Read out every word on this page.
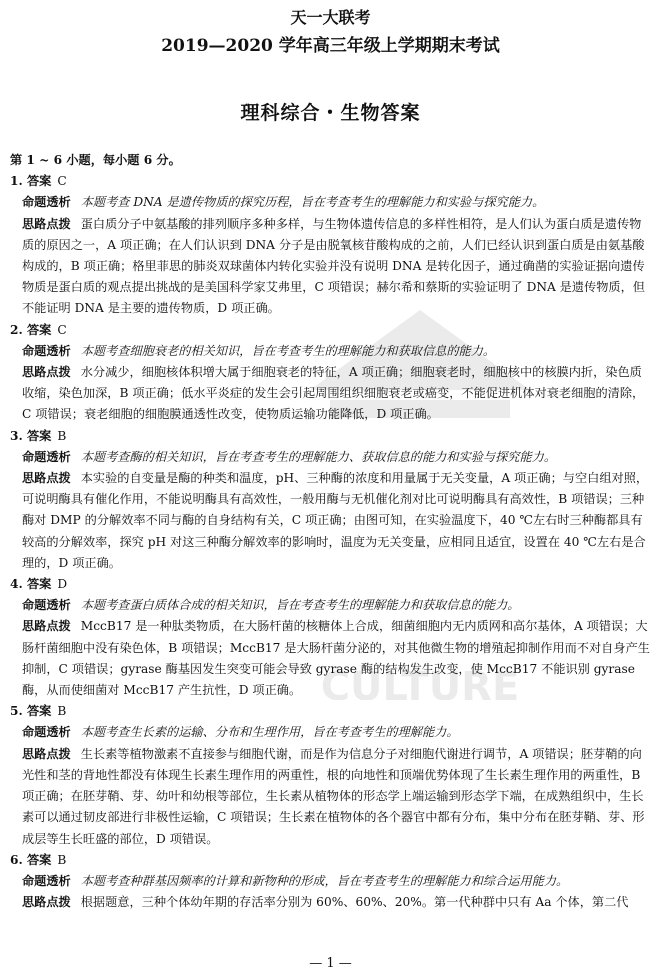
CULTURE
天一大联考
2019—2020 学年高三年级上学期期末考试
理科综合・生物答案
第 1 ~ 6 小题，每小题 6 分。
1. 答案 C
命题透析 本题考查 DNA 是遗传物质的探究历程，旨在考查考生的理解能力和实验与探究能力。
思路点拨 蛋白质分子中氨基酸的排列顺序多种多样，与生物体遗传信息的多样性相符，是人们认为蛋白质是遗传物质的原因之一，A 项正确；在人们认识到 DNA 分子是由脱氧核苷酸构成的之前，人们已经认识到蛋白质是由氨基酸构成的，B 项正确；格里菲思的肺炎双球菌体内转化实验并没有说明 DNA 是转化因子，通过确凿的实验证据向遗传物质是蛋白质的观点提出挑战的是美国科学家艾弗里，C 项错误；赫尔希和蔡斯的实验证明了 DNA 是遗传物质，但不能证明 DNA 是主要的遗传物质，D 项正确。
2. 答案 C
命题透析 本题考查细胞衰老的相关知识，旨在考查考生的理解能力和获取信息的能力。
思路点拨 水分减少，细胞核体积增大属于细胞衰老的特征，A 项正确；细胞衰老时，细胞核中的核膜内折，染色质收缩，染色加深，B 项正确；低水平炎症的发生会引起周围组织细胞衰老或癌变，不能促进机体对衰老细胞的清除，C 项错误；衰老细胞的细胞膜通透性改变，使物质运输功能降低，D 项正确。
3. 答案 B
命题透析 本题考查酶的相关知识，旨在考查考生的理解能力、获取信息的能力和实验与探究能力。
思路点拨 本实验的自变量是酶的种类和温度，pH、三种酶的浓度和用量属于无关变量，A 项正确；与空白组对照，可说明酶具有催化作用，不能说明酶具有高效性，一般用酶与无机催化剂对比可说明酶具有高效性，B 项错误；三种酶对 DMP 的分解效率不同与酶的自身结构有关，C 项正确；由图可知，在实验温度下，40 ℃左右时三种酶都具有较高的分解效率，探究 pH 对这三种酶分解效率的影响时，温度为无关变量，应相同且适宜，设置在 40 ℃左右是合理的，D 项正确。
4. 答案 D
命题透析 本题考查蛋白质体合成的相关知识，旨在考查考生的理解能力和获取信息的能力。
思路点拨 MccB17 是一种肽类物质，在大肠杆菌的核糖体上合成，细菌细胞内无内质网和高尔基体，A 项错误；大肠杆菌细胞中没有染色体，B 项错误；MccB17 是大肠杆菌分泌的，对其他微生物的增殖起抑制作用而不对自身产生抑制，C 项错误；gyrase 酶基因发生突变可能会导致 gyrase 酶的结构发生改变，使 MccB17 不能识别 gyrase 酶，从而使细菌对 MccB17 产生抗性，D 项正确。
5. 答案 B
命题透析 本题考查生长素的运输、分布和生理作用，旨在考查考生的理解能力。
思路点拨 生长素等植物激素不直接参与细胞代谢，而是作为信息分子对细胞代谢进行调节，A 项错误；胚芽鞘的向光性和茎的背地性都没有体现生长素生理作用的两重性，根的向地性和顶端优势体现了生长素生理作用的两重性，B 项正确；在胚芽鞘、芽、幼叶和幼根等部位，生长素从植物体的形态学上端运输到形态学下端，在成熟组织中，生长素可以通过韧皮部进行非极性运输，C 项错误；生长素在植物体的各个器官中都有分布，集中分布在胚芽鞘、芽、形成层等生长旺盛的部位，D 项错误。
6. 答案 B
命题透析 本题考查种群基因频率的计算和新物种的形成，旨在考查考生的理解能力和综合运用能力。
思路点拨 根据题意，三种个体幼年期的存活率分别为 60%、60%、20%。第一代种群中只有 Aa 个体，第二代
— 1 —
